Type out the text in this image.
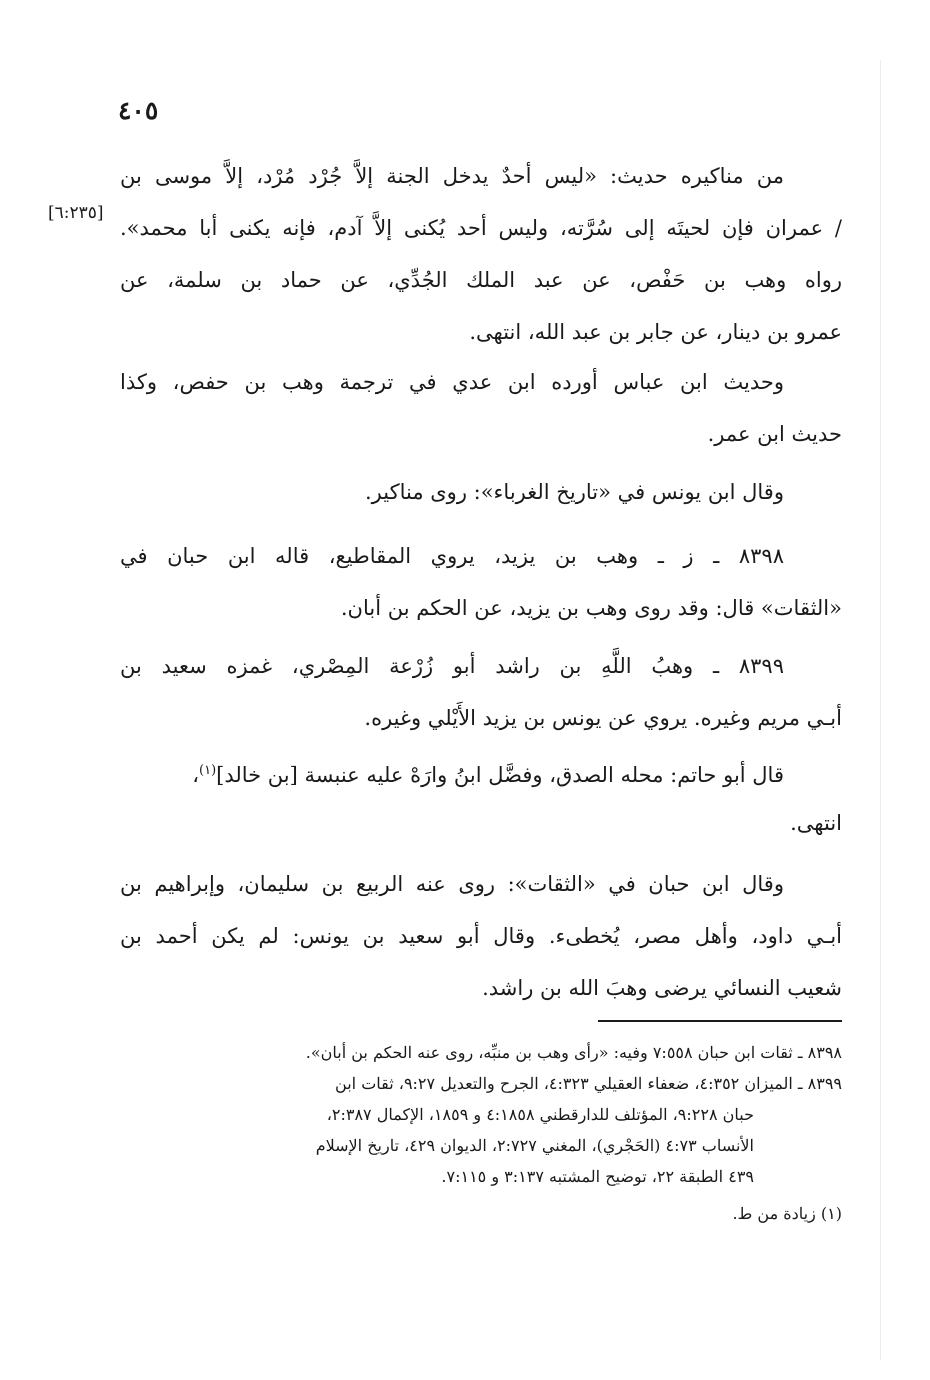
٤٠٥
[٦:٢٣٥]
من مناكيره حديث: «ليس أحدٌ يدخل الجنة إلاَّ جُرْد مُرْد، إلاَّ موسى بن
/ عمران فإن لحيتَه إلى سُرَّته، وليس أحد يُكنى إلاَّ آدم، فإنه يكنى أبا محمد».
رواه وهب بن حَفْص، عن عبد الملك الجُدِّي، عن حماد بن سلمة، عن
عمرو بن دينار، عن جابر بن عبد الله، انتهى.
وحديث ابن عباس أورده ابن عدي في ترجمة وهب بن حفص، وكذا
حديث ابن عمر.
وقال ابن يونس في «تاريخ الغرباء»: روى مناكير.
٨٣٩٨ ـ ز ـ وهب بن يزيد، يروي المقاطيع، قاله ابن حبان في
«الثقات» قال: وقد روى وهب بن يزيد، عن الحكم بن أبان.
٨٣٩٩ ـ وهبُ اللَّهِ بن راشد أبو زُرْعة المِصْري، غمزه سعيد بن
أبـي مريم وغيره. يروي عن يونس بن يزيد الأَيْلي وغيره.
قال أبو حاتم: محله الصدق، وفضَّل ابنُ وارَهْ عليه عنبسة [بن خالد]$^{(١)}$،
انتهى.
وقال ابن حبان في «الثقات»: روى عنه الربيع بن سليمان، وإبراهيم بن
أبـي داود، وأهل مصر، يُخطىء. وقال أبو سعيد بن يونس: لم يكن أحمد بن
شعيب النسائي يرضى وهبَ الله بن راشد.
٨٣٩٨ ـ ثقات ابن حبان ٧:٥٥٨ وفيه: «رأى وهب بن منبِّه، روى عنه الحكم بن أبان».
٨٣٩٩ ـ الميزان ٤:٣٥٢، ضعفاء العقيلي ٤:٣٢٣، الجرح والتعديل ٩:٢٧، ثقات ابن
حبان ٩:٢٢٨، المؤتلف للدارقطني ٤:١٨٥٨ و ١٨٥٩، الإكمال ٢:٣٨٧،
الأنساب ٤:٧٣ (الحَجْري)، المغني ٢:٧٢٧، الديوان ٤٢٩، تاريخ الإسلام
٤٣٩ الطبقة ٢٢، توضيح المشتبه ٣:١٣٧ و ٧:١١٥.
(١) زيادة من ط.
